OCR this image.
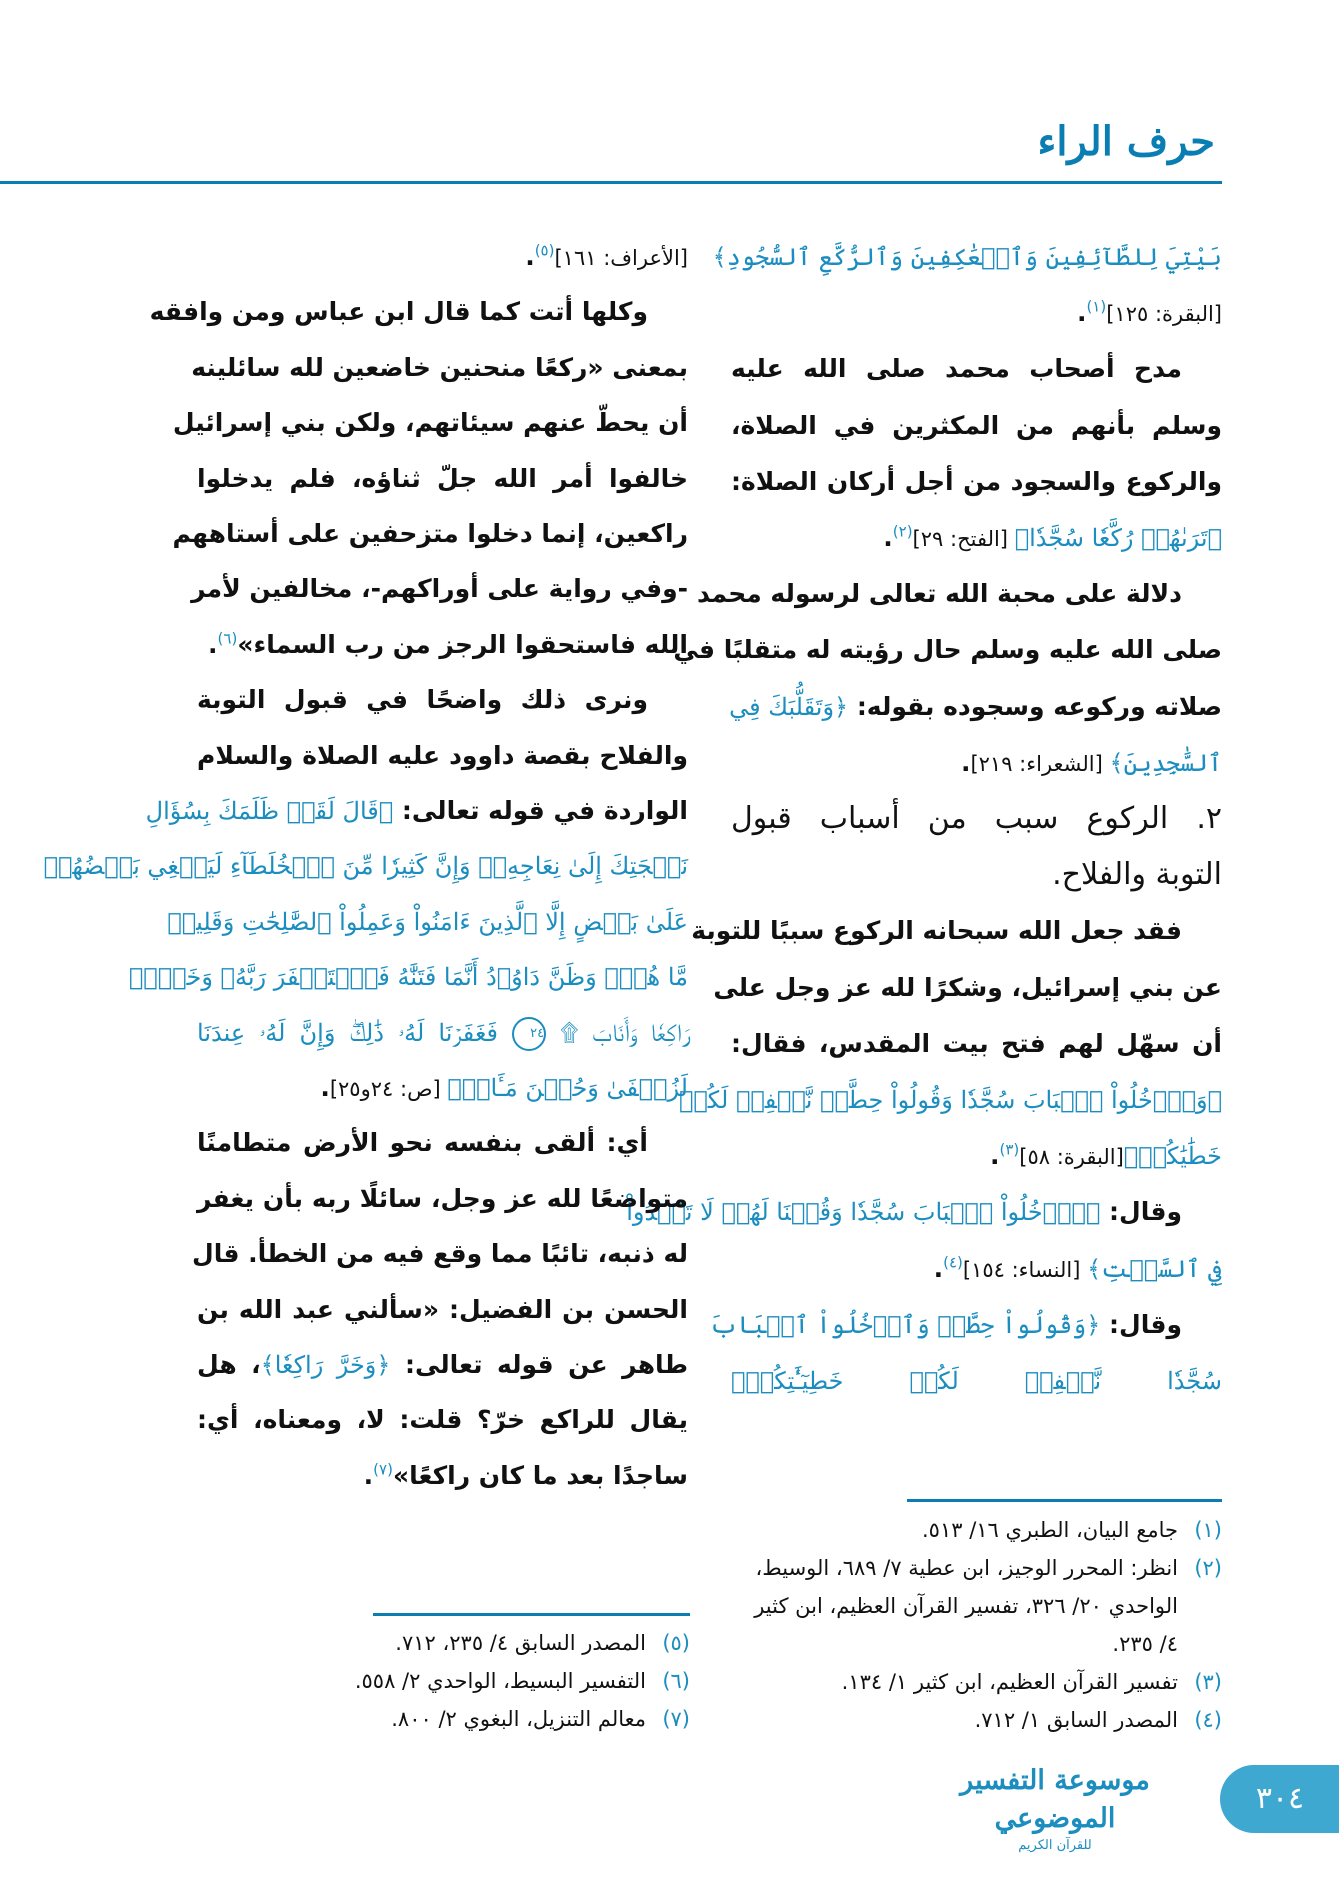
حرف الراء
بَيْتِيَ لِلطَّآئِفِينَ وَٱلۡعَٰكِفِينَ وَٱلرُّكَّعِ ٱلسُّجُودِ﴾
[البقرة: ١٢٥]$^{(١)}$.
مدح أصحاب محمد صلى الله عليه
وسلم بأنهم من المكثرين في الصلاة،
والركوع والسجود من أجل أركان الصلاة:
﴿تَرَىٰهُمۡ رُكَّعٗا سُجَّدٗا﴾ [الفتح: ٢٩]$^{(٢)}$.
دلالة على محبة الله تعالى لرسوله محمد
صلى الله عليه وسلم حال رؤيته له متقلبًا في
صلاته وركوعه وسجوده بقوله: ﴿وَتَقَلُّبَكَ فِي
ٱلسَّٰجِدِينَ﴾ [الشعراء: ٢١٩].
٢. الركوع سبب من أسباب قبول
التوبة والفلاح.
فقد جعل الله سبحانه الركوع سببًا للتوبة
عن بني إسرائيل، وشكرًا لله عز وجل على
أن سهّل لهم فتح بيت المقدس، فقال:
﴿وَٱدۡخُلُواْ ٱلۡبَابَ سُجَّدٗا وَقُولُواْ حِطَّةٞ نَّغۡفِرۡ لَكُمۡ
خَطَٰيَٰكُمۡ﴾[البقرة: ٥٨]$^{(٣)}$.
وقال: ﴿ٱدۡخُلُواْ ٱلۡبَابَ سُجَّدٗا وَقُلۡنَا لَهُمۡ لَا تَعۡدُواْ
فِي ٱلسَّبۡتِ﴾ [النساء: ١٥٤]$^{(٤)}$.
وقال: ﴿وَقُولُواْ حِطَّةٞ وَٱدۡخُلُواْ ٱلۡبَابَ
سُجَّدٗا نَّغۡفِرۡ لَكُمۡ خَطِيٓـَٰٔتِكُمۡ﴾
[الأعراف: ١٦١]$^{(٥)}$.
وكلها أتت كما قال ابن عباس ومن وافقه
بمعنى «ركعًا منحنين خاضعين لله سائلينه
أن يحطّ عنهم سيئاتهم، ولكن بني إسرائيل
خالفوا أمر الله جلّ ثناؤه، فلم يدخلوا
راكعين، إنما دخلوا متزحفين على أستاههم
-وفي رواية على أوراكهم-، مخالفين لأمر
الله فاستحقوا الرجز من رب السماء»$^{(٦)}$.
ونرى ذلك واضحًا في قبول التوبة
والفلاح بقصة داوود عليه الصلاة والسلام
الواردة في قوله تعالى: ﴿قَالَ لَقَدۡ ظَلَمَكَ بِسُؤَالِ
نَعۡجَتِكَ إِلَىٰ نِعَاجِهِۦۖ وَإِنَّ كَثِيرٗا مِّنَ ٱلۡخُلَطَآءِ لَيَبۡغِي بَعۡضُهُمۡ
عَلَىٰ بَعۡضٍ إِلَّا ٱلَّذِينَ ءَامَنُواْ وَعَمِلُواْ ٱلصَّٰلِحَٰتِ وَقَلِيلٞ
مَّا هُمۡۗ وَظَنَّ دَاوُۥدُ أَنَّمَا فَتَنَّٰهُ فَٱسۡتَغۡفَرَ رَبَّهُۥ وَخَرَّۤ
رَاكِعٗا وَأَنَابَ ۩ ٢٤ فَغَفَرۡنَا لَهُۥ ذَٰلِكَۖ وَإِنَّ لَهُۥ عِندَنَا
لَزُلۡفَىٰ وَحُسۡنَ مَـَٔابٖ﴾ [ص: ٢٤و٢٥].
أي: ألقى بنفسه نحو الأرض متطامنًا
متواضعًا لله عز وجل، سائلًا ربه بأن يغفر
له ذنبه، تائبًا مما وقع فيه من الخطأ. قال
الحسن بن الفضيل: «سألني عبد الله بن
طاهر عن قوله تعالى: ﴿وَخَرَّ رَاكِعٗا﴾، هل
يقال للراكع خرّ؟ قلت: لا، ومعناه، أي:
ساجدًا بعد ما كان راكعًا»$^{(٧)}$.
(١)
جامع البيان، الطبري ١٦/ ٥١٣.
(٢)
انظر: المحرر الوجيز، ابن عطية ٧/ ٦٨٩، الوسيط، الواحدي ٢٠/ ٣٢٦، تفسير القرآن العظيم، ابن كثير ٤/ ٢٣٥.
(٣)
تفسير القرآن العظيم، ابن كثير ١/ ١٣٤.
(٤)
المصدر السابق ١/ ٧١٢.
(٥)
المصدر السابق ٤/ ٢٣٥، ٧١٢.
(٦)
التفسير البسيط، الواحدي ٢/ ٥٥٨.
(٧)
معالم التنزيل، البغوي ٢/ ٨٠٠.
موسوعة التفسير الموضوعي
للقرآن الكريم
٣٠٤
